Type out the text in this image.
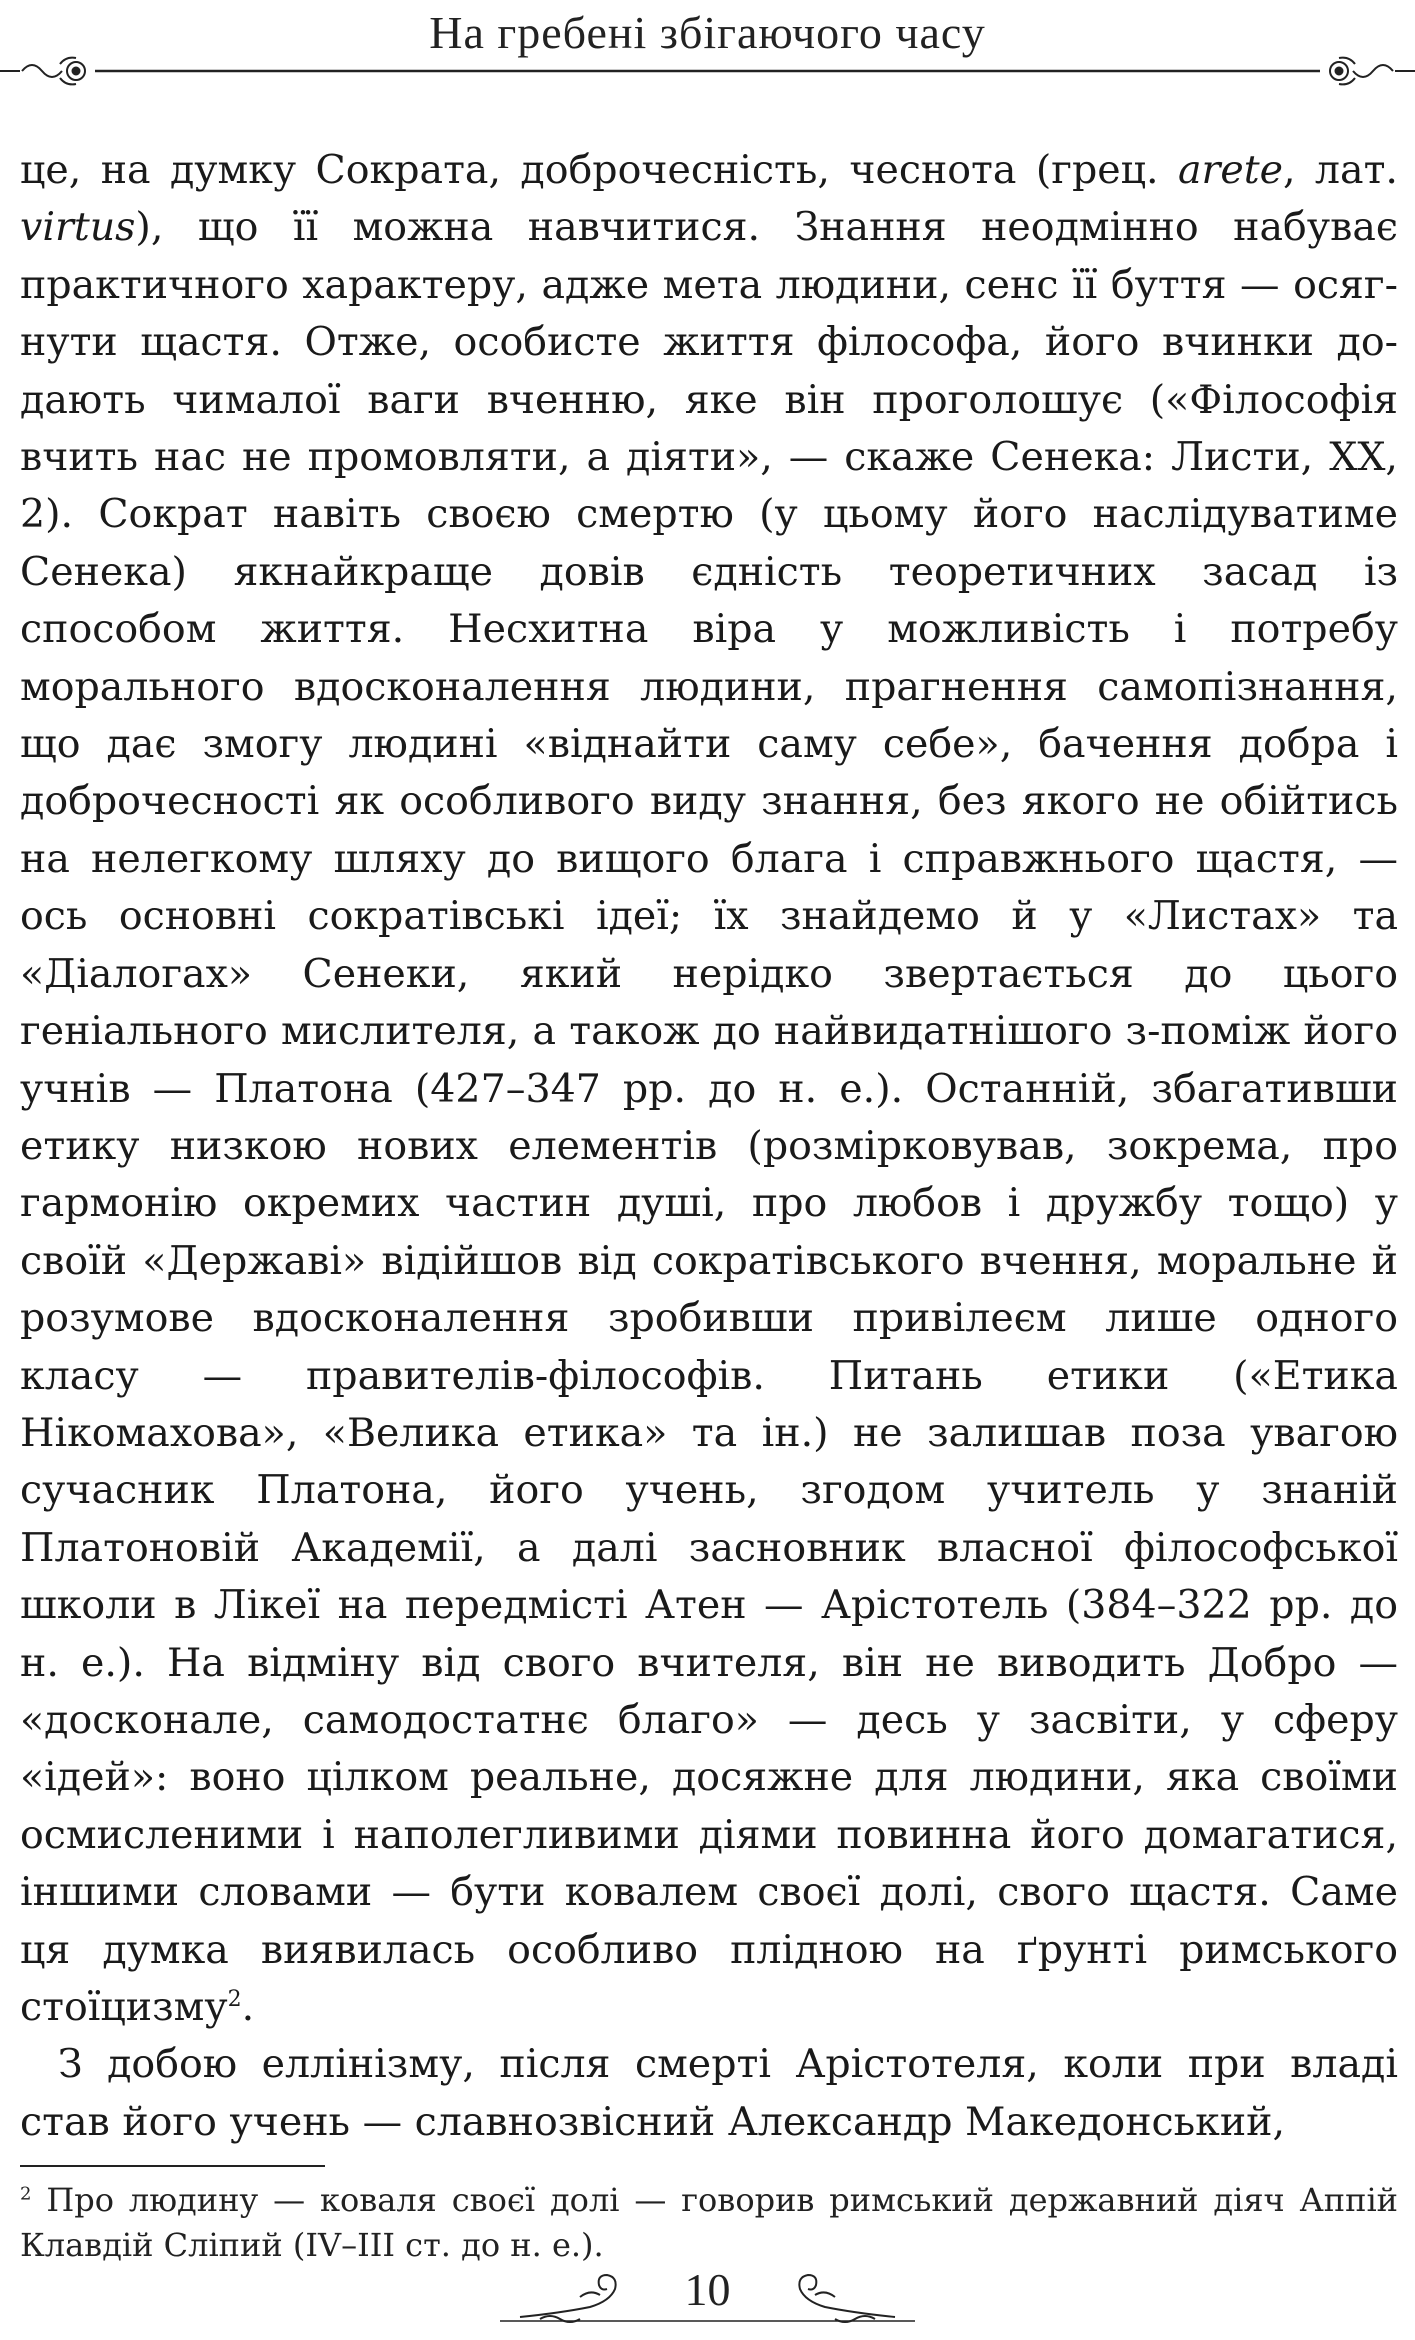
На гребені збігаючого часу

це, на думку Сократа, доброчесність, чеснота (грец. arete, лат. virtus), що її можна навчитися. Знання неодмінно набуває практичного характеру, адже мета людини, сенс її буття — осягнути щастя. Отже, особисте життя філософа, його вчинки додають чималої ваги вченню, яке він проголошує («Філософія вчить нас не промовляти, а діяти», — скаже Сенека: Листи, XX, 2). Сократ навіть своєю смертю (у цьому його наслідуватиме Сенека) якнайкраще довів єдність теоретичних засад із способом життя. Несхитна віра у можливість і потребу морального вдосконалення людини, прагнення самопізнання, що дає змогу людині «віднайти саму себе», бачення добра і доброчесності як особливого виду знання, без якого не обійтись на нелегкому шляху до вищого блага і справжнього щастя, — ось основні сократівські ідеї; їх знайдемо й у «Листах» та «Діалогах» Сенеки, який нерідко звертається до цього геніального мислителя, а також до найвидатнішого з-поміж його учнів — Платона (427–347 рр. до н. е.). Останній, збагативши етику низкою нових елементів (розмірковував, зокрема, про гармонію окремих частин душі, про любов і дружбу тощо) у своїй «Державі» відійшов від сократівського вчення, моральне й розумове вдосконалення зробивши привілеєм лише одного класу — правителів-філософів. Питань етики («Етика Нікомахова», «Велика етика» та ін.) не залишав поза увагою сучасник Платона, його учень, згодом учитель у знаній Платоновій Академії, а далі засновник власної філософської школи в Лікеї на передмісті Атен — Арістотель (384–322 рр. до н. е.). На відміну від свого вчителя, він не виводить Добро — «досконале, самодостатнє благо» — десь у засвіти, у сферу «ідей»: воно цілком реальне, досяжне для людини, яка своїми осмисленими і наполегливими діями повинна його домагатися, іншими словами — бути ковалем своєї долі, свого щастя. Саме ця думка виявилась особливо плідною на ґрунті римського стоїцизму$^2$.

З добою еллінізму, після смерті Арістотеля, коли при владі став його учень — славнозвісний Александр Македонський,

$^2$ Про людину — коваля своєї долі — говорив римський державний діяч Аппій Клавдій Сліпий (IV–III ст. до н. е.).
10
